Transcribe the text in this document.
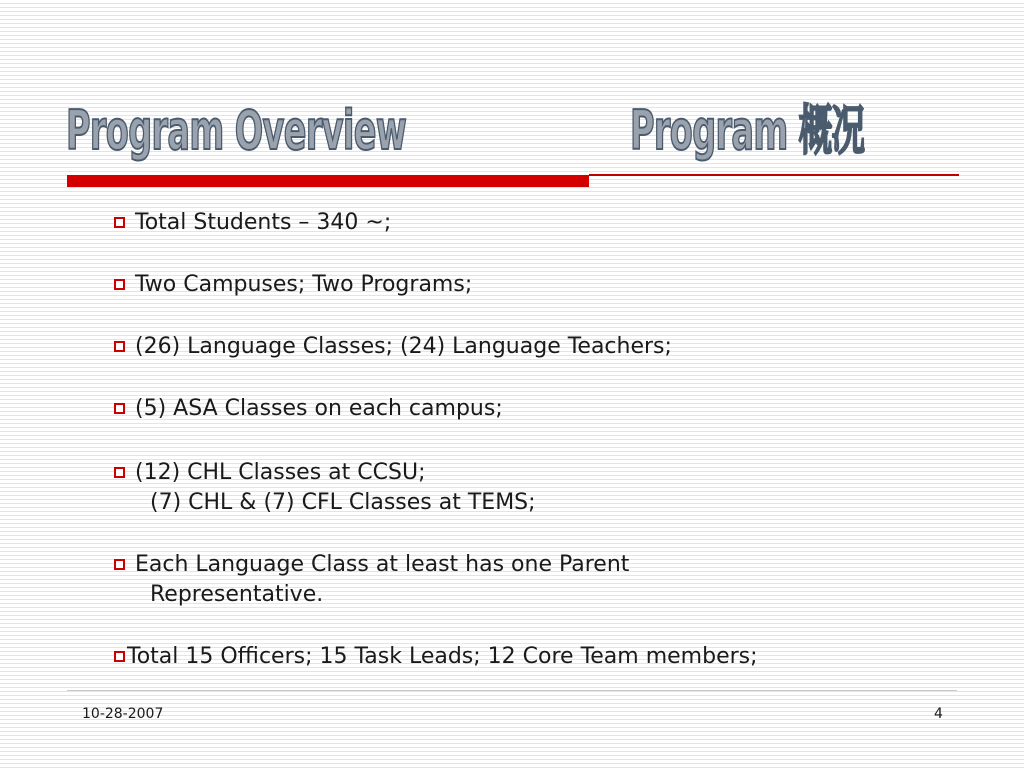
Program Overview	Program 概况
Total Students – 340 ~;
Two Campuses; Two Programs;
(26) Language Classes; (24) Language Teachers;
(5) ASA Classes on each campus;
(12) CHL Classes at CCSU;
(7) CHL & (7) CFL Classes at TEMS;
Each Language Class at least has one Parent
Representative.
Total 15 Officers; 15 Task Leads; 12 Core Team members;
10-28-2007	4
